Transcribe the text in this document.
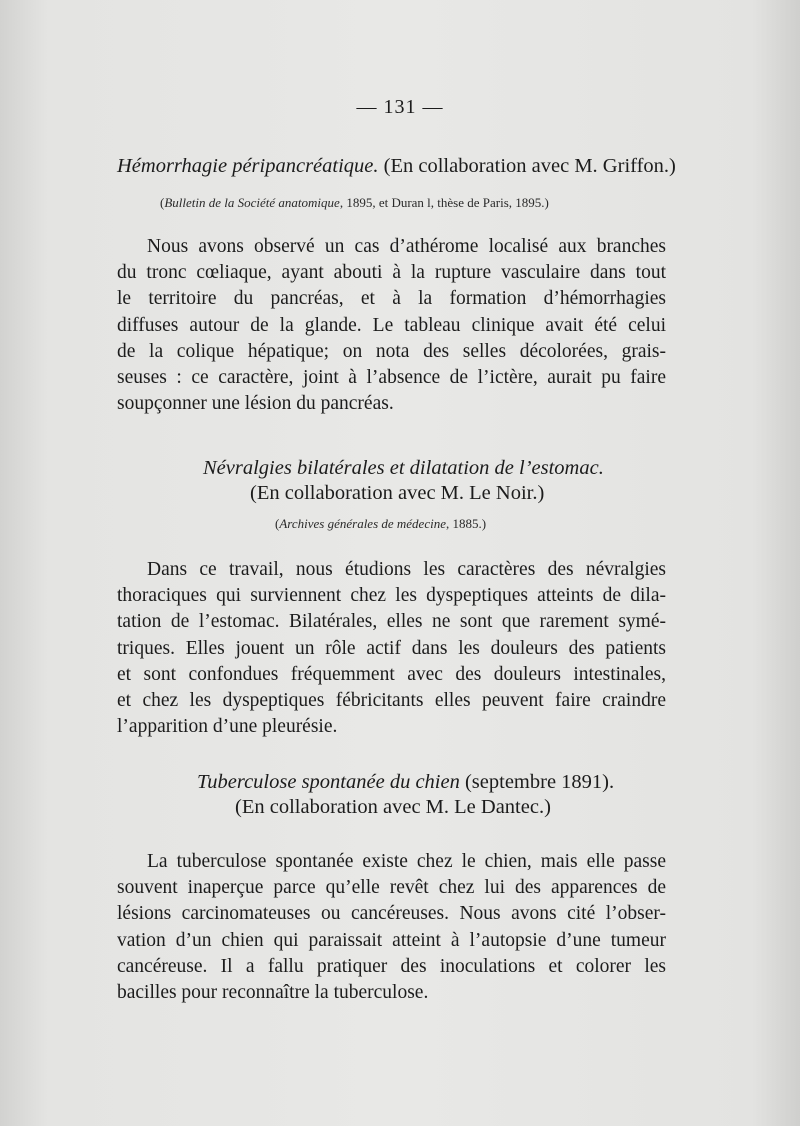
— 131 —

Hémorrhagie péripancréatique. (En collaboration avec M. Griffon.)

(Bulletin de la Société anatomique, 1895, et Duran l, thèse de Paris, 1895.)

Nous avons observé un cas d’athérome localisé aux branches
du tronc cœliaque, ayant abouti à la rupture vasculaire dans tout
le territoire du pancréas, et à la formation d’hémorrhagies
diffuses autour de la glande. Le tableau clinique avait été celui
de la colique hépatique; on nota des selles décolorées, grais-
seuses : ce caractère, joint à l’absence de l’ictère, aurait pu faire
soupçonner une lésion du pancréas.

Névralgies bilatérales et dilatation de l’estomac.

(En collaboration avec M. Le Noir.)

(Archives générales de médecine, 1885.)

Dans ce travail, nous étudions les caractères des névralgies
thoraciques qui surviennent chez les dyspeptiques atteints de dila-
tation de l’estomac. Bilatérales, elles ne sont que rarement symé-
triques. Elles jouent un rôle actif dans les douleurs des patients
et sont confondues fréquemment avec des douleurs intestinales,
et chez les dyspeptiques fébricitants elles peuvent faire craindre
l’apparition d’une pleurésie.

Tuberculose spontanée du chien (septembre 1891).

(En collaboration avec M. Le Dantec.)

La tuberculose spontanée existe chez le chien, mais elle passe
souvent inaperçue parce qu’elle revêt chez lui des apparences de
lésions carcinomateuses ou cancéreuses. Nous avons cité l’obser-
vation d’un chien qui paraissait atteint à l’autopsie d’une tumeur
cancéreuse. Il a fallu pratiquer des inoculations et colorer les
bacilles pour reconnaître la tuberculose.
